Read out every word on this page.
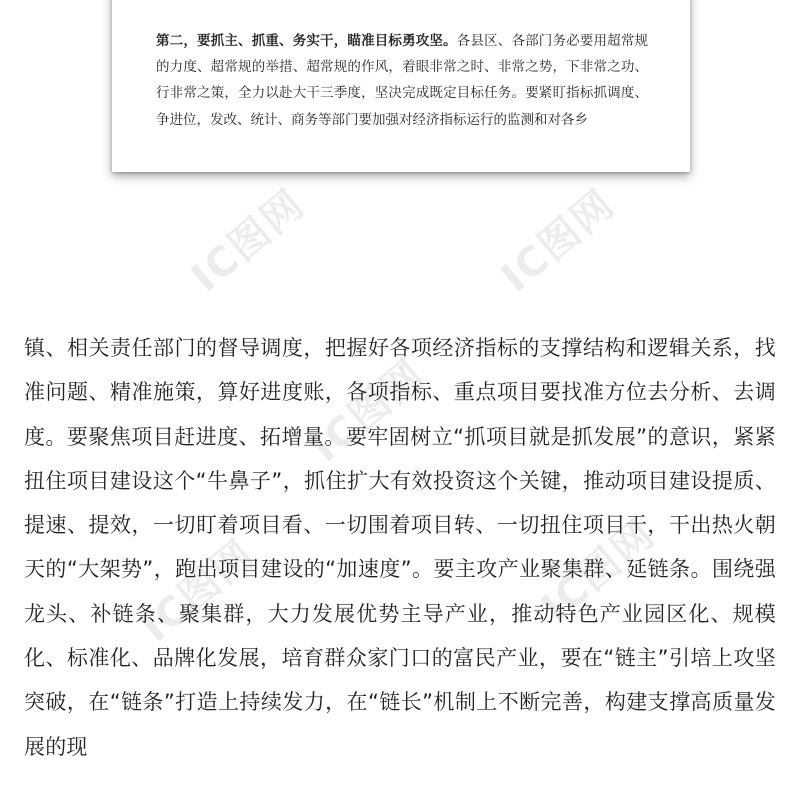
IC图网	IC图网
IC图网
IC图网
IC图网

第二，要抓主、抓重、务实干，瞄准目标勇攻坚。各县区、各部门务必要用超常规的力度、超常规的举措、超常规的作风，着眼非常之时、非常之势，下非常之功、行非常之策，全力以赴大干三季度，坚决完成既定目标任务。要紧盯指标抓调度、争进位，发改、统计、商务等部门要加强对经济指标运行的监测和对各乡

镇、相关责任部门的督导调度，把握好各项经济指标的支撑结构和逻辑关系，找准问题、精准施策，算好进度账，各项指标、重点项目要找准方位去分析、去调度。要聚焦项目赶进度、拓增量。要牢固树立“抓项目就是抓发展”的意识，紧紧扭住项目建设这个“牛鼻子”，抓住扩大有效投资这个关键，推动项目建设提质、提速、提效，一切盯着项目看、一切围着项目转、一切扭住项目干，干出热火朝天的“大架势”，跑出项目建设的“加速度”。要主攻产业聚集群、延链条。围绕强龙头、补链条、聚集群，大力发展优势主导产业，推动特色产业园区化、规模化、标准化、品牌化发展，培育群众家门口的富民产业，要在“链主”引培上攻坚突破，在“链条”打造上持续发力，在“链长”机制上不断完善，构建支撑高质量发展的现
